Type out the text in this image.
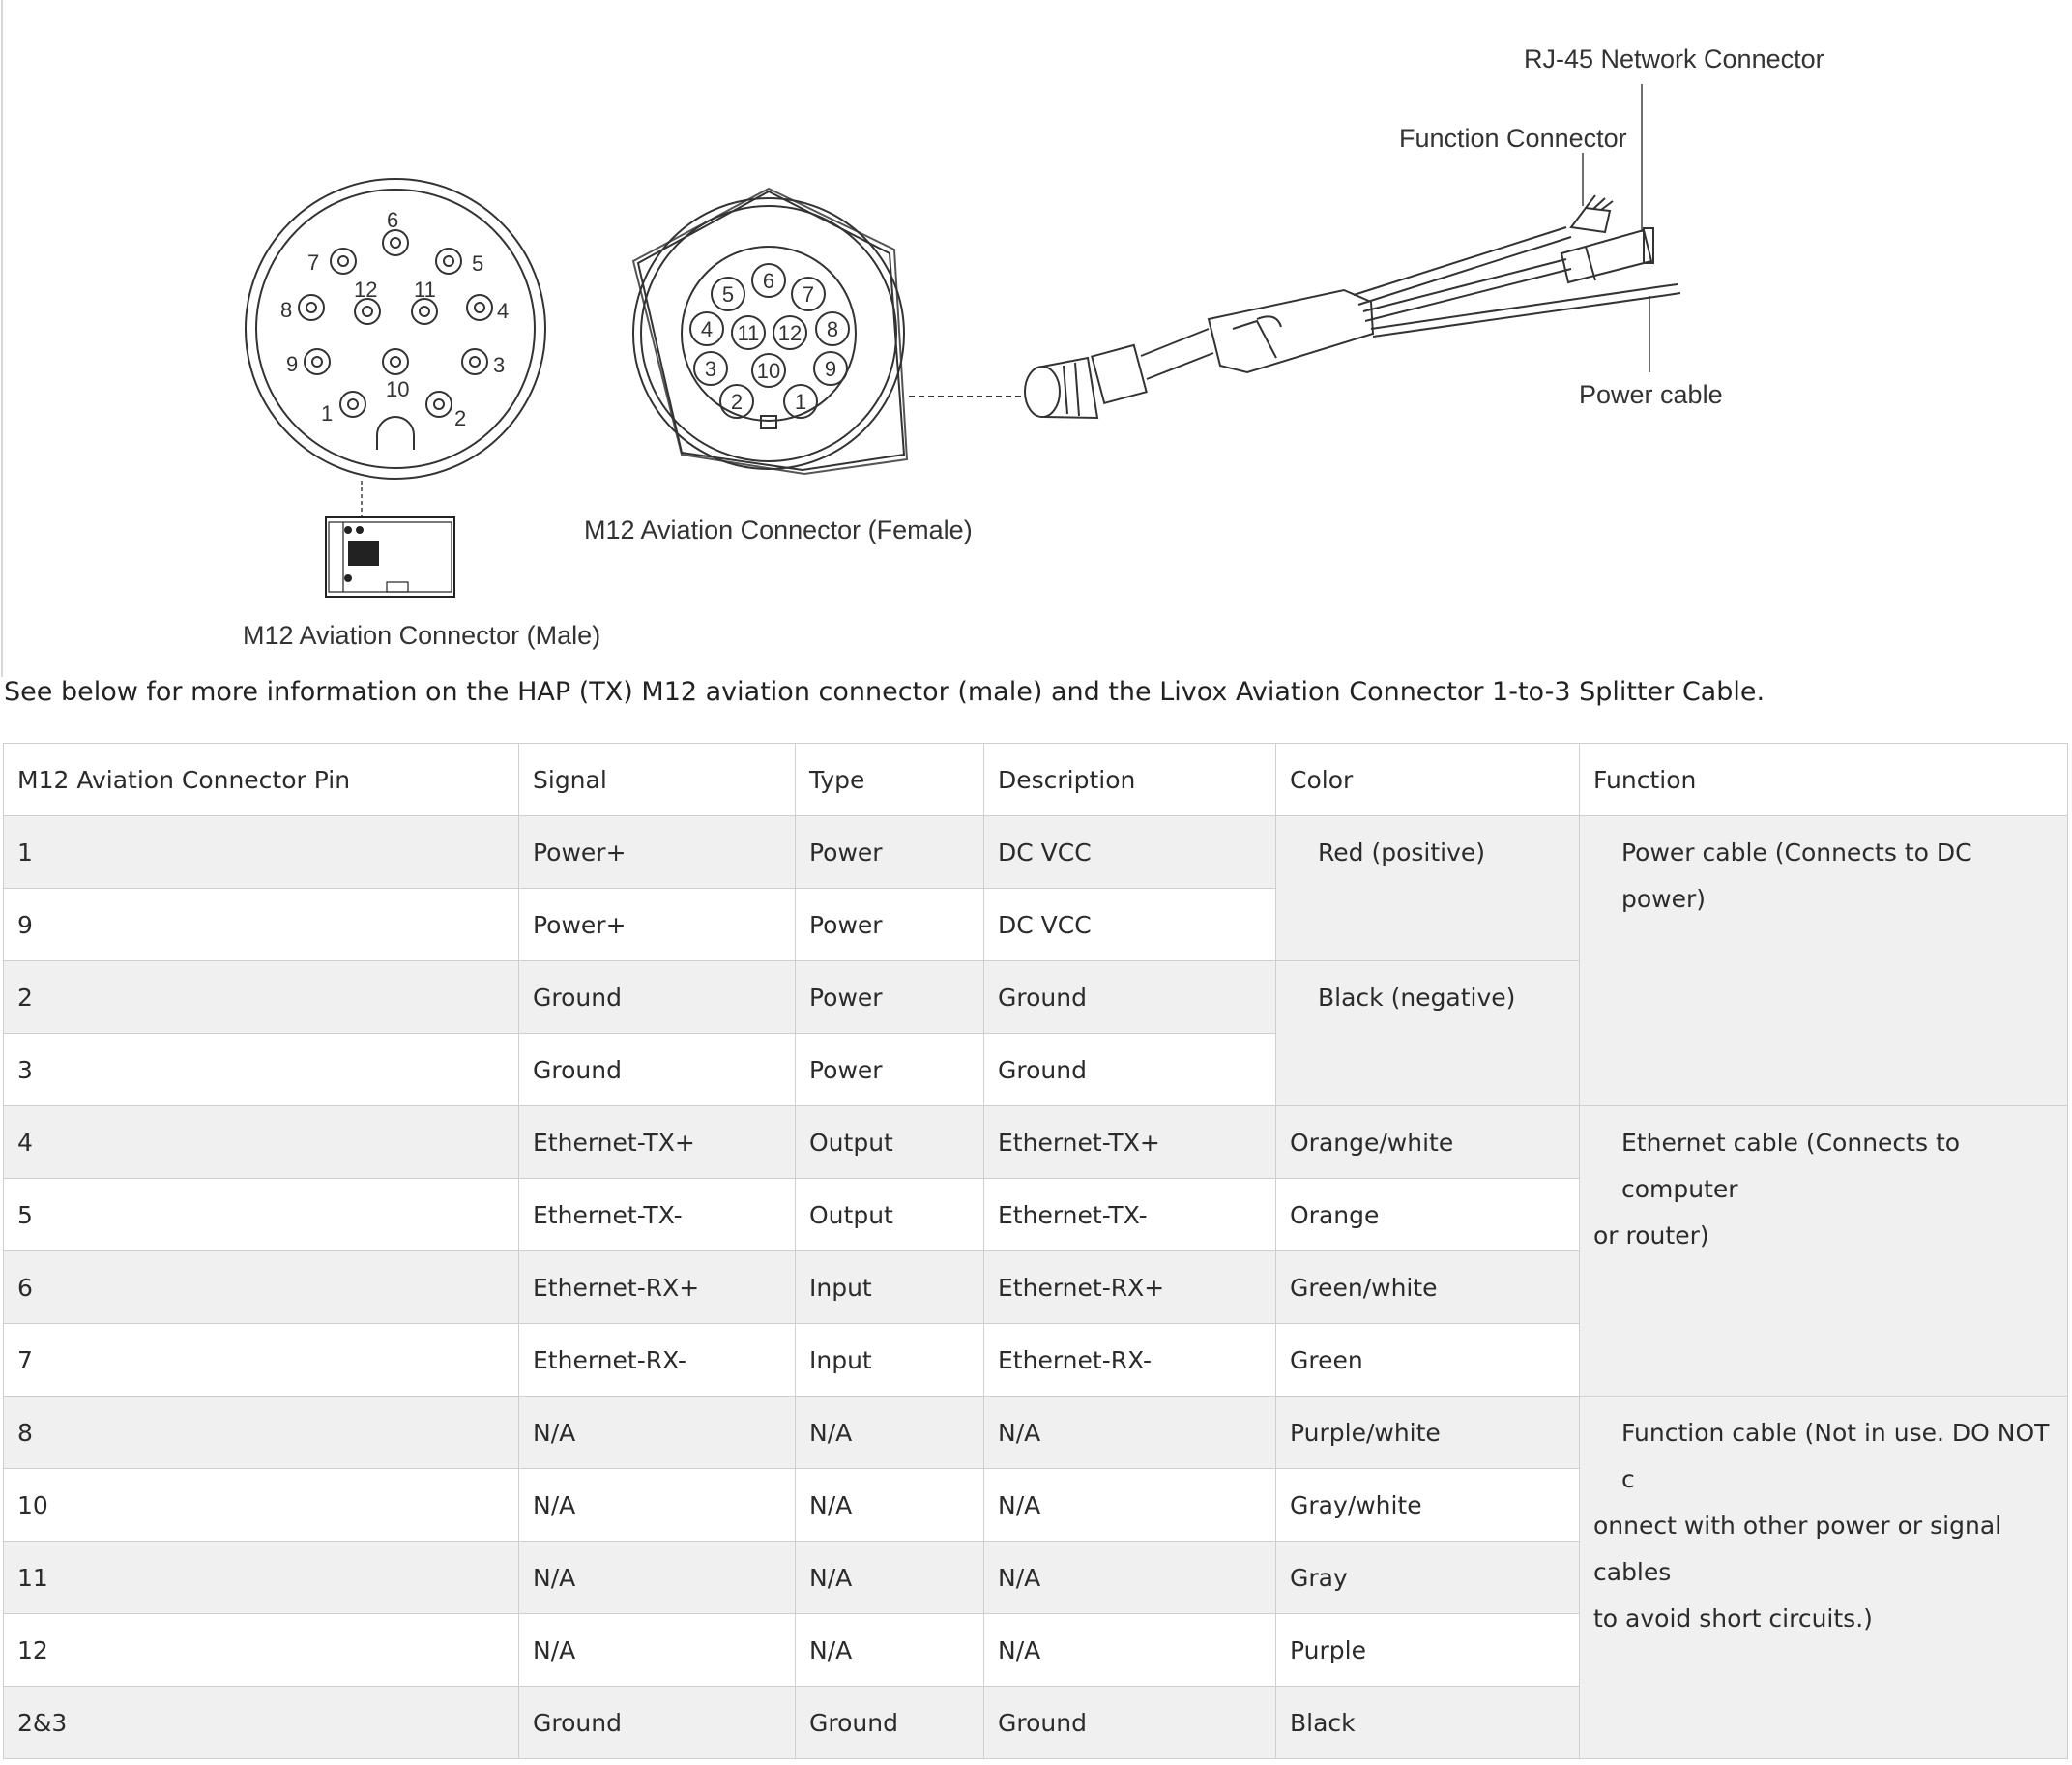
6
7	5
12 11
8	4
9	3
10
1	2
5
6
7
4 11 12 8
3 10 9
2 1
RJ-45 Network Connector
Function Connector
Power cable
M12 Aviation Connector (Female)
M12 Aviation Connector (Male)
See below for more information on the HAP (TX) M12 aviation connector (male) and the Livox Aviation Connector 1-to-3 Splitter Cable.
M12 Aviation Connector Pin	Signal	Type	Description	Color	Function
1	Power+	Power	DC VCC	Red (positive)	Power cable (Connects to DC power)
9	Power+	Power	DC VCC		
2	Ground	Power	Ground	Black (negative)	
3	Ground	Power	Ground		
4	Ethernet-TX+	Output	Ethernet-TX+	Orange/white	Ethernet cable (Connects to computer
or router)
5	Ethernet-TX-	Output	Ethernet-TX-	Orange	
6	Ethernet-RX+	Input	Ethernet-RX+	Green/white	
7	Ethernet-RX-	Input	Ethernet-RX-	Green	
8	N/A	N/A	N/A	Purple/white	Function cable (Not in use. DO NOT c
onnect with other power or signal cables
to avoid short circuits.)
10	N/A	N/A	N/A	Gray/white	
11	N/A	N/A	N/A	Gray	
12	N/A	N/A	N/A	Purple	
2&3	Ground	Ground	Ground	Black	
